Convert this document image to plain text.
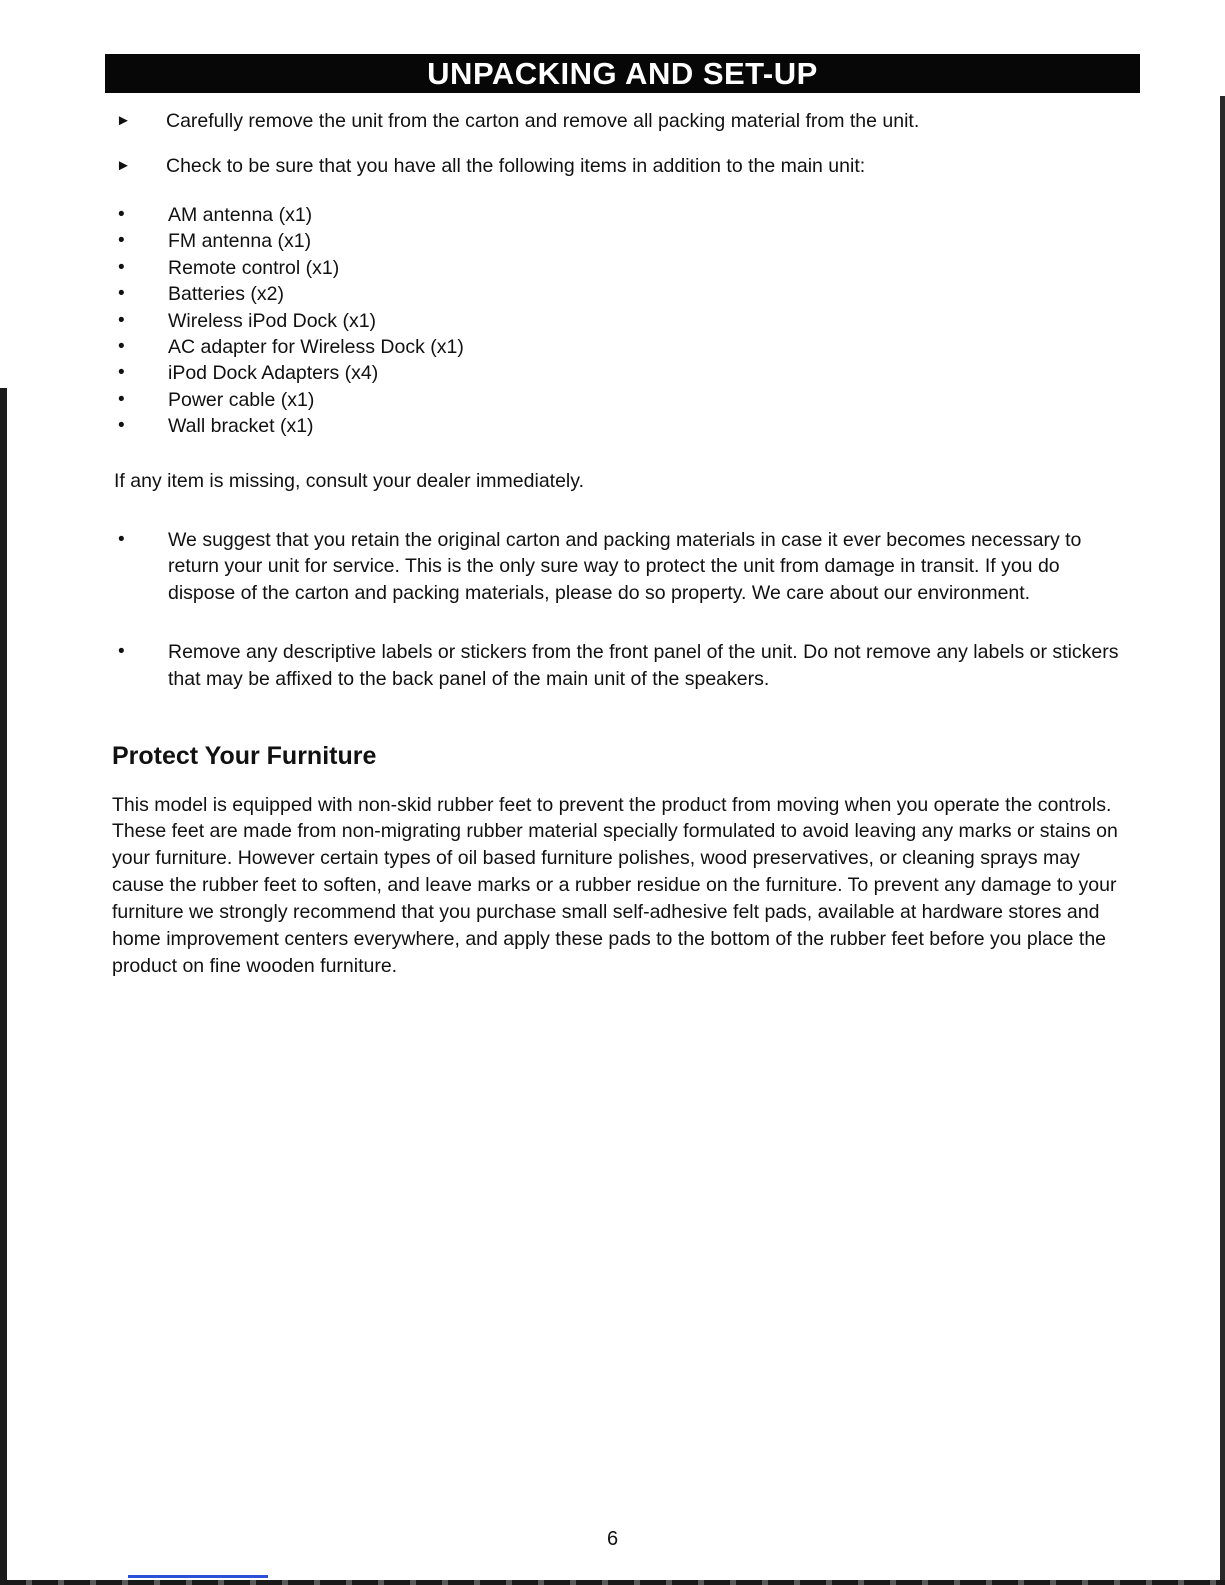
UNPACKING AND SET-UP
►	Carefully remove the unit from the carton and remove all packing material from the unit.
►	Check to be sure that you have all the following items in addition to the main unit:
•	AM antenna (x1)
•	FM antenna (x1)
•	Remote control (x1)
•	Batteries (x2)
•	Wireless iPod Dock (x1)
•	AC adapter for Wireless Dock (x1)
•	iPod Dock Adapters (x4)
•	Power cable (x1)
•	Wall bracket (x1)
If any item is missing, consult your dealer immediately.
•	We suggest that you retain the original carton and packing materials in case it ever becomes necessary to return your unit for service. This is the only sure way to protect the unit from damage in transit. If you do dispose of the carton and packing materials, please do so property. We care about our environment.
•	Remove any descriptive labels or stickers from the front panel of the unit. Do not remove any labels or stickers that may be affixed to the back panel of the main unit of the speakers.
Protect Your Furniture
This model is equipped with non-skid rubber feet to prevent the product from moving when you operate the controls. These feet are made from non-migrating rubber material specially formulated to avoid leaving any marks or stains on your furniture. However certain types of oil based furniture polishes, wood preservatives, or cleaning sprays may cause the rubber feet to soften, and leave marks or a rubber residue on the furniture. To prevent any damage to your furniture we strongly recommend that you purchase small self-adhesive felt pads, available at hardware stores and home improvement centers everywhere, and apply these pads to the bottom of the rubber feet before you place the product on fine wooden furniture.
6
